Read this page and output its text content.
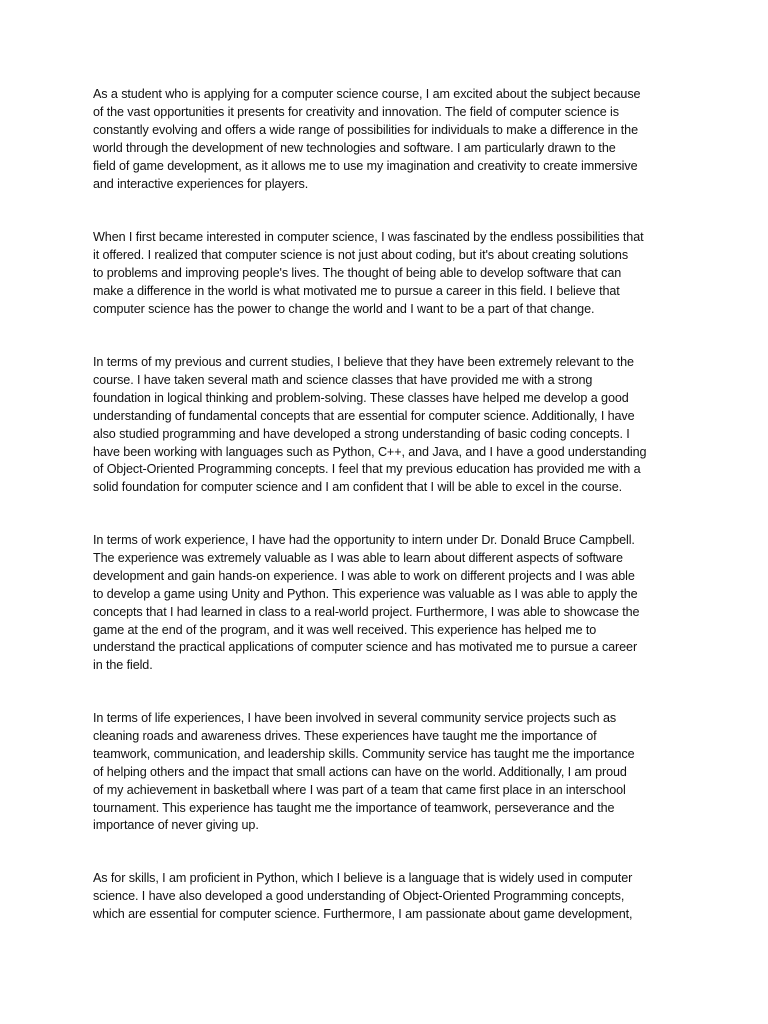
As a student who is applying for a computer science course, I am excited about the subject because
of the vast opportunities it presents for creativity and innovation. The field of computer science is
constantly evolving and offers a wide range of possibilities for individuals to make a difference in the
world through the development of new technologies and software. I am particularly drawn to the
field of game development, as it allows me to use my imagination and creativity to create immersive
and interactive experiences for players.

When I first became interested in computer science, I was fascinated by the endless possibilities that
it offered. I realized that computer science is not just about coding, but it's about creating solutions
to problems and improving people's lives. The thought of being able to develop software that can
make a difference in the world is what motivated me to pursue a career in this field. I believe that
computer science has the power to change the world and I want to be a part of that change.

In terms of my previous and current studies, I believe that they have been extremely relevant to the
course. I have taken several math and science classes that have provided me with a strong
foundation in logical thinking and problem-solving. These classes have helped me develop a good
understanding of fundamental concepts that are essential for computer science. Additionally, I have
also studied programming and have developed a strong understanding of basic coding concepts. I
have been working with languages such as Python, C++, and Java, and I have a good understanding
of Object-Oriented Programming concepts. I feel that my previous education has provided me with a
solid foundation for computer science and I am confident that I will be able to excel in the course.

In terms of work experience, I have had the opportunity to intern under Dr. Donald Bruce Campbell.
The experience was extremely valuable as I was able to learn about different aspects of software
development and gain hands-on experience. I was able to work on different projects and I was able
to develop a game using Unity and Python. This experience was valuable as I was able to apply the
concepts that I had learned in class to a real-world project. Furthermore, I was able to showcase the
game at the end of the program, and it was well received. This experience has helped me to
understand the practical applications of computer science and has motivated me to pursue a career
in the field.

In terms of life experiences, I have been involved in several community service projects such as
cleaning roads and awareness drives. These experiences have taught me the importance of
teamwork, communication, and leadership skills. Community service has taught me the importance
of helping others and the impact that small actions can have on the world. Additionally, I am proud
of my achievement in basketball where I was part of a team that came first place in an interschool
tournament. This experience has taught me the importance of teamwork, perseverance and the
importance of never giving up.

As for skills, I am proficient in Python, which I believe is a language that is widely used in computer
science. I have also developed a good understanding of Object-Oriented Programming concepts,
which are essential for computer science. Furthermore, I am passionate about game development,
